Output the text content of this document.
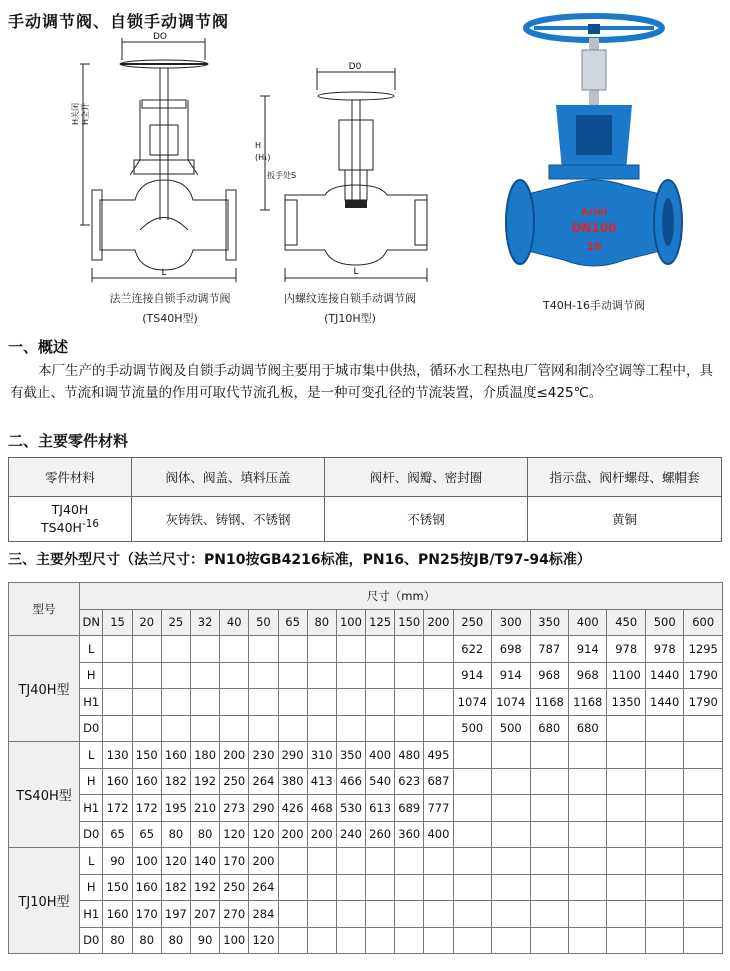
手动调节阀、自锁手动调节阀
DO
L
H关闭 H全开
法兰连接自锁手动调节阀
(TS40H型)
D0
H
(H₁)
扳手处S
L
内螺纹连接自锁手动调节阀
(TJ10H型)
Ariel
DN100
16
T40H-16手动调节阀
一、概述
本厂生产的手动调节阀及自锁手动调节阀主要用于城市集中供热，循环水工程热电厂管网和制冷空调等工程中，具有截止、节流和调节流量的作用可取代节流孔板，是一种可变孔径的节流装置，介质温度≤425℃。
二、主要零件材料
零件材料	阀体、阀盖、填料压盖	阀杆、阀瓣、密封圈	指示盘、阀杆螺母、螺帽套
TJ40H
$TS40H^{-16}$	灰铸铁、铸钢、不锈钢	不锈钢	黄铜
三、主要外型尺寸（法兰尺寸：PN10按GB4216标准，PN16、PN25按JB/T97-94标准）
型号	尺寸（mm）																			
	DN	15	20	25	32	40	50	65	80	100	125	150	200	250	300	350	400	450	500	600
TJ40H型	L													622	698	787	914	978	978	1295
	H													914	914	968	968	1100	1440	1790
	H1													1074	1074	1168	1168	1350	1440	1790
	D0													500	500	680	680			
TS40H型	L	130	150	160	180	200	230	290	310	350	400	480	495							
	H	160	160	182	192	250	264	380	413	466	540	623	687							
	H1	172	172	195	210	273	290	426	468	530	613	689	777							
	D0	65	65	80	80	120	120	200	200	240	260	360	400							
TJ10H型	L	90	100	120	140	170	200													
	H	150	160	182	192	250	264													
	H1	160	170	197	207	270	284													
	D0	80	80	80	90	100	120													
